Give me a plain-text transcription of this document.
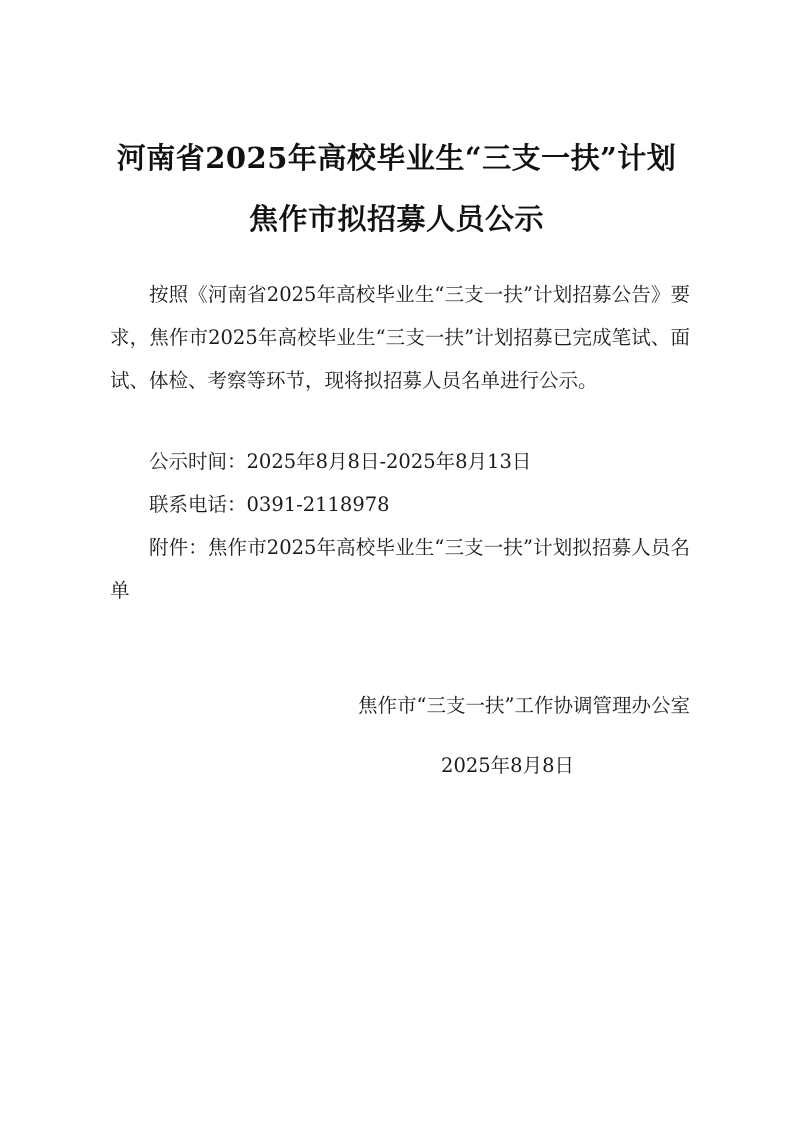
河南省2025年高校毕业生“三支一扶”计划
焦作市拟招募人员公示

按照《河南省2025年高校毕业生“三支一扶”计划招募公告》要求，焦作市2025年高校毕业生“三支一扶”计划招募已完成笔试、面试、体检、考察等环节，现将拟招募人员名单进行公示。

公示时间：2025年8月8日-2025年8月13日

联系电话：0391-2118978

附件：焦作市2025年高校毕业生“三支一扶”计划拟招募人员名单

焦作市“三支一扶”工作协调管理办公室
2025年8月8日
